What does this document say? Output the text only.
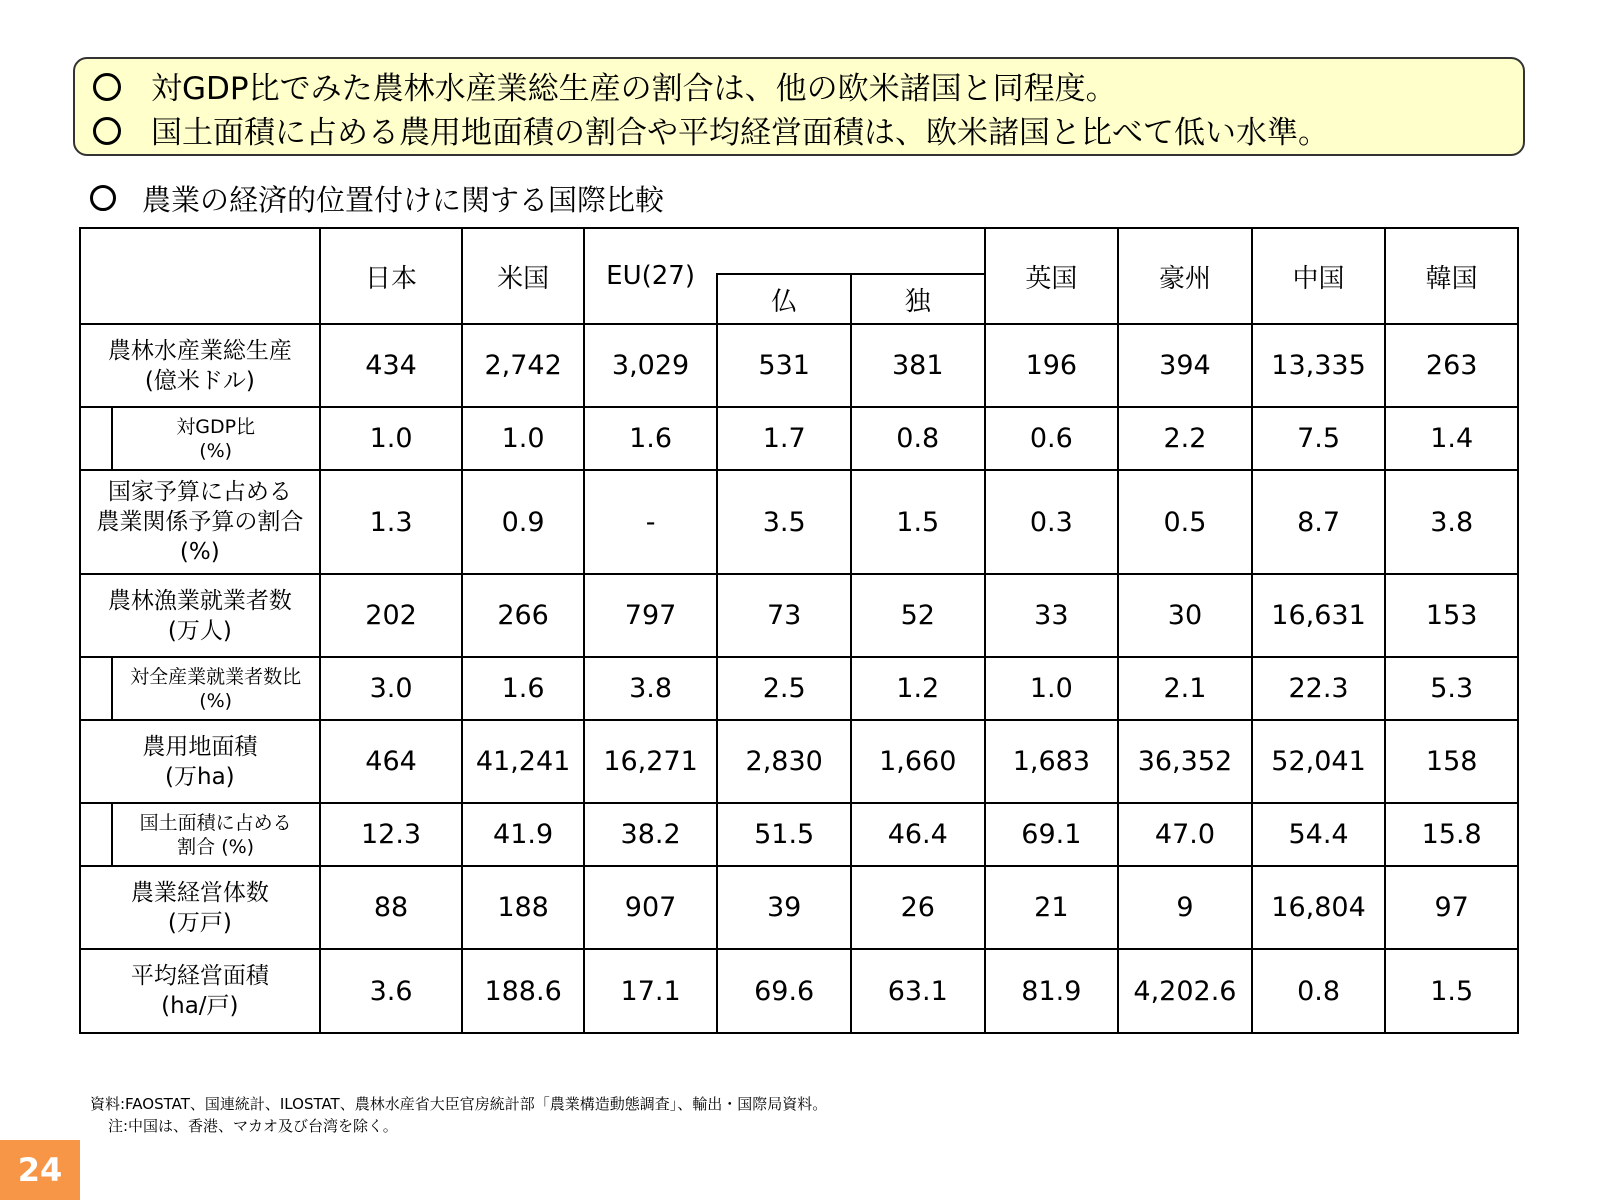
対GDP比でみた農林水産業総生産の割合は、他の欧米諸国と同程度。
国土面積に占める農用地面積の割合や平均経営面積は、欧米諸国と比べて低い水準。
農業の経済的位置付けに関する国際比較
		日本	米国	EU(27)			英国	豪州	中国	韓国
					仏	独				
農林水産業総生産
(億米ドル)		434	2,742	3,029	531	381	196	394	13,335	263
	対GDP比
(%)	1.0	1.0	1.6	1.7	0.8	0.6	2.2	7.5	1.4
国家予算に占める
農業関係予算の割合
(%)		1.3	0.9	-	3.5	1.5	0.3	0.5	8.7	3.8
農林漁業就業者数
(万人)		202	266	797	73	52	33	30	16,631	153
	対全産業就業者数比
(%)	3.0	1.6	3.8	2.5	1.2	1.0	2.1	22.3	5.3
農用地面積
(万ha)		464	41,241	16,271	2,830	1,660	1,683	36,352	52,041	158
	国土面積に占める
割合 (%)	12.3	41.9	38.2	51.5	46.4	69.1	47.0	54.4	15.8
農業経営体数
(万戸)		88	188	907	39	26	21	9	16,804	97
平均経営面積
(ha/戸)		3.6	188.6	17.1	69.6	63.1	81.9	4,202.6	0.8	1.5
資料:FAOSTAT、国連統計、ILOSTAT、農林水産省大臣官房統計部「農業構造動態調査」、輸出・国際局資料。
注:中国は、香港、マカオ及び台湾を除く。
24
